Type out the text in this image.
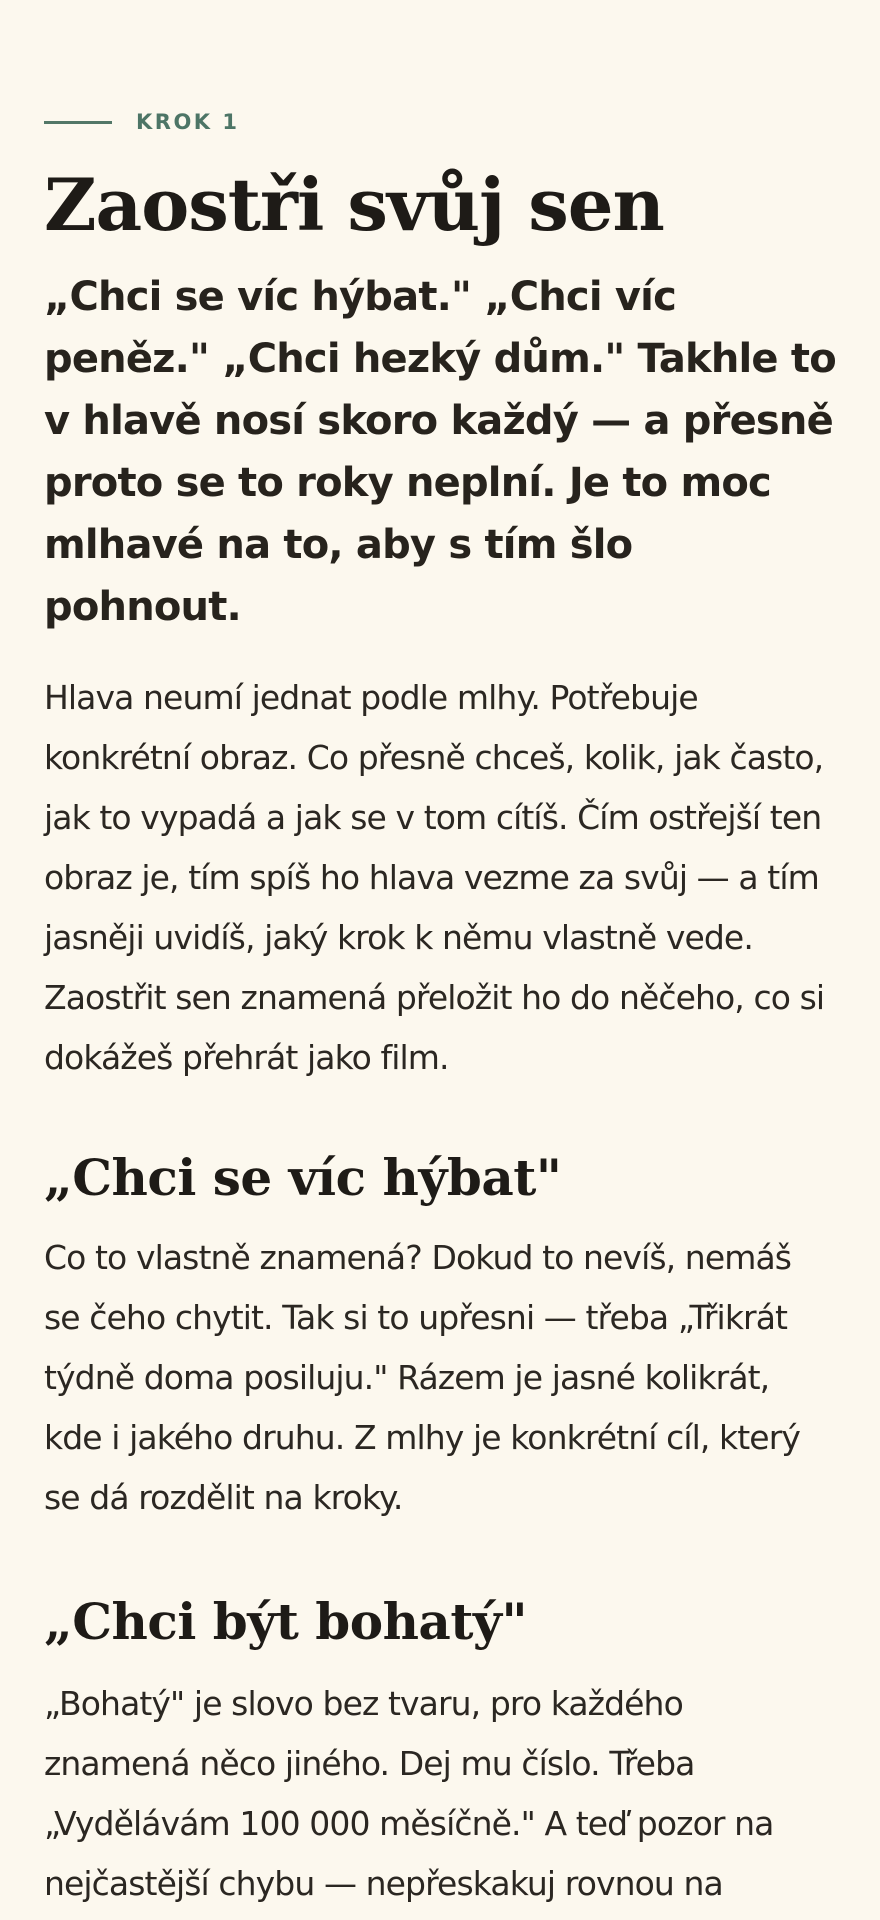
KROK 1
Zaostři svůj sen

„Chci se víc hýbat." „Chci víc peněz." „Chci hezký dům." Takhle to v hlavě nosí skoro každý — a přesně proto se to roky neplní. Je to moc mlhavé na to, aby s tím šlo pohnout.

Hlava neumí jednat podle mlhy. Potřebuje konkrétní obraz. Co přesně chceš, kolik, jak často, jak to vypadá a jak se v tom cítíš. Čím ostřejší ten obraz je, tím spíš ho hlava vezme za svůj — a tím jasněji uvidíš, jaký krok k němu vlastně vede. Zaostřit sen znamená přeložit ho do něčeho, co si dokážeš přehrát jako film.

„Chci se víc hýbat"

Co to vlastně znamená? Dokud to nevíš, nemáš se čeho chytit. Tak si to upřesni — třeba „Třikrát týdně doma posiluju." Rázem je jasné kolikrát, kde i jakého druhu. Z mlhy je konkrétní cíl, který se dá rozdělit na kroky.

„Chci být bohatý"

„Bohatý" je slovo bez tvaru, pro každého znamená něco jiného. Dej mu číslo. Třeba „Vydělávám 100 000 měsíčně." A teď pozor na nejčastější chybu — nepřeskakuj rovnou na
